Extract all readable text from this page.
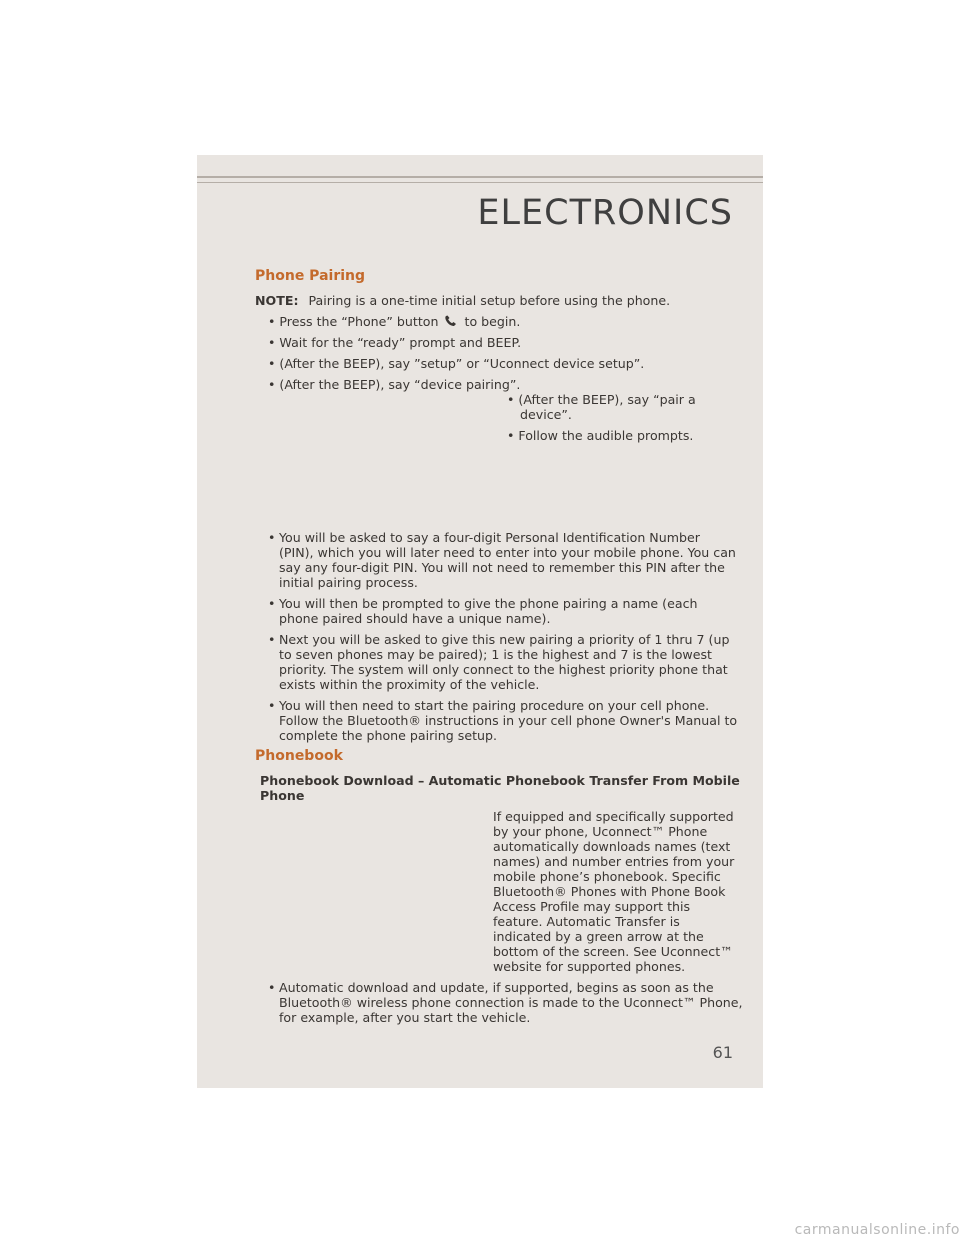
ELECTRONICS
Phone Pairing
NOTE: Pairing is a one-time initial setup before using the phone.
• Press the “Phone” button to begin.
• Wait for the “ready” prompt and BEEP.
• (After the BEEP), say ”setup” or “Uconnect device setup”.
• (After the BEEP), say “device pairing”.
• (After the BEEP), say “pair a
device”.
• Follow the audible prompts.
• You will be asked to say a four-digit Personal Identification Number
(PIN), which you will later need to enter into your mobile phone. You can
say any four-digit PIN. You will not need to remember this PIN after the
initial pairing process.
• You will then be prompted to give the phone pairing a name (each
phone paired should have a unique name).
• Next you will be asked to give this new pairing a priority of 1 thru 7 (up
to seven phones may be paired); 1 is the highest and 7 is the lowest
priority. The system will only connect to the highest priority phone that
exists within the proximity of the vehicle.
• You will then need to start the pairing procedure on your cell phone.
Follow the Bluetooth® instructions in your cell phone Owner's Manual to
complete the phone pairing setup.
Phonebook
Phonebook Download – Automatic Phonebook Transfer From Mobile
Phone
If equipped and specifically supported
by your phone, Uconnect™ Phone
automatically downloads names (text
names) and number entries from your
mobile phone’s phonebook. Specific
Bluetooth® Phones with Phone Book
Access Profile may support this
feature. Automatic Transfer is
indicated by a green arrow at the
bottom of the screen. See Uconnect™
website for supported phones.
• Automatic download and update, if supported, begins as soon as the
Bluetooth® wireless phone connection is made to the Uconnect™ Phone,
for example, after you start the vehicle.
61
carmanualsonline.info
